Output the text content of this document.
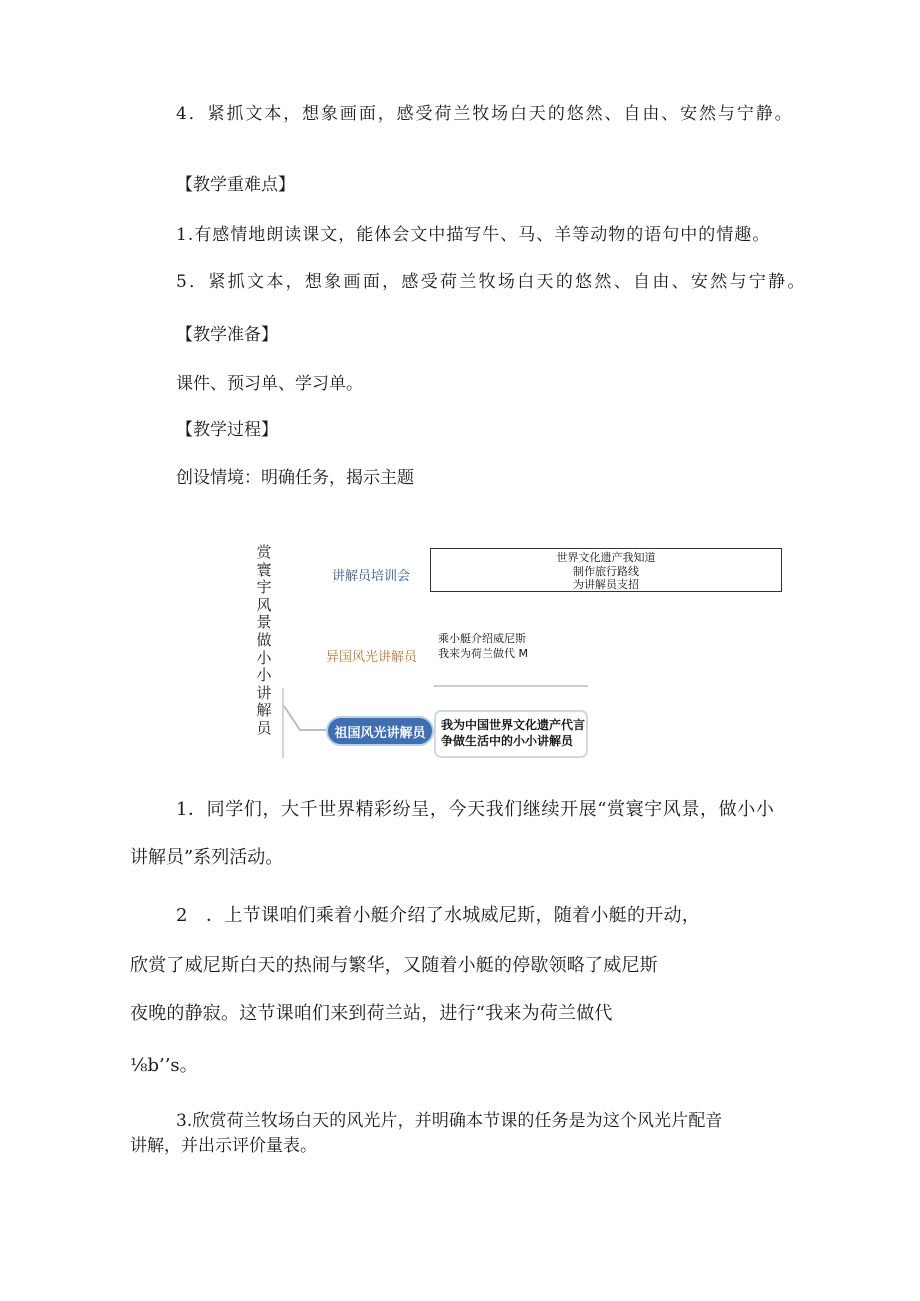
4．紧抓文本，想象画面，感受荷兰牧场白天的悠然、自由、安然与宁静。
【教学重难点】
1.有感情地朗读课文，能体会文中描写牛、马、羊等动物的语句中的情趣。
5．紧抓文本，想象画面，感受荷兰牧场白天的悠然、自由、安然与宁静。
【教学准备】
课件、预习单、学习单。
【教学过程】
创设情境：明确任务，揭示主题
赏寰宇风景做小小讲解员
讲解员培训会
世界文化遗产我知道
制作旅行路线
为讲解员支招
异国风光讲解员
乘小艇介绍威尼斯
我来为荷兰做代 M
祖国风光讲解员
我为中国世界文化遗产代言
争做生活中的小小讲解员
1．同学们，大千世界精彩纷呈，今天我们继续开展“赏寰宇风景，做小小
讲解员”系列活动。
2　．上节课咱们乘着小艇介绍了水城威尼斯，随着小艇的开动，
欣赏了威尼斯白天的热闹与繁华，又随着小艇的停歇领略了威尼斯
夜晚的静寂。这节课咱们来到荷兰站，进行“我来为荷兰做代
⅛b’’s。
3.欣赏荷兰牧场白天的风光片，并明确本节课的任务是为这个风光片配音
讲解，并出示评价量表。
